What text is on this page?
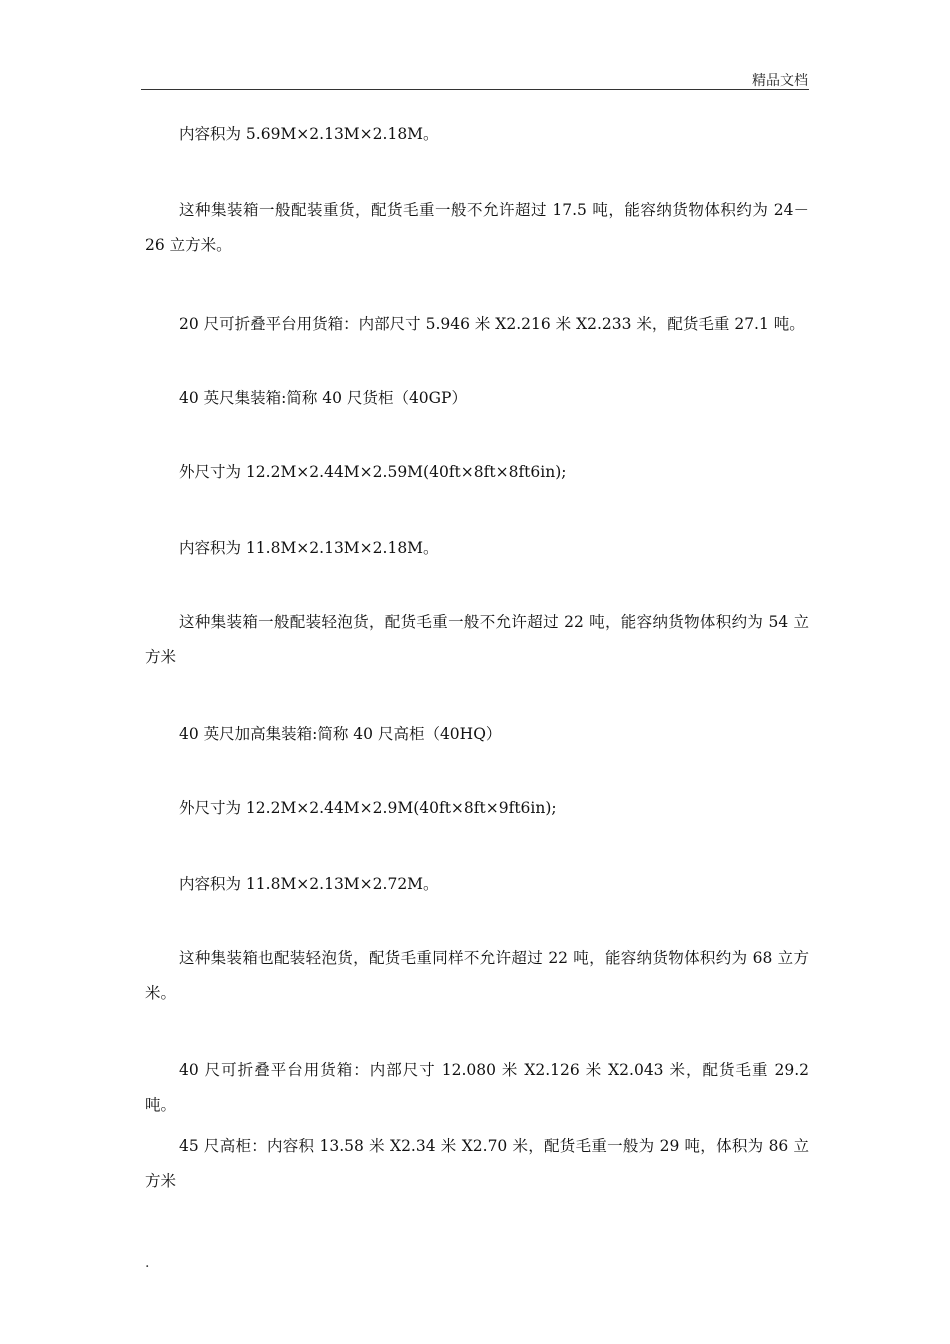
精品文档

内容积为 5.69M×2.13M×2.18M。

这种集装箱一般配装重货，配货毛重一般不允许超过 17.5 吨，能容纳货物体积约为 24－26 立方米。

20 尺可折叠平台用货箱：内部尺寸 5.946 米 X2.216 米 X2.233 米，配货毛重 27.1 吨。

40 英尺集装箱:简称 40 尺货柜（40GP）

外尺寸为 12.2M×2.44M×2.59M(40ft×8ft×8ft6in);

内容积为 11.8M×2.13M×2.18M。

这种集装箱一般配装轻泡货，配货毛重一般不允许超过 22 吨，能容纳货物体积约为 54 立方米

40 英尺加高集装箱:简称 40 尺高柜（40HQ）

外尺寸为 12.2M×2.44M×2.9M(40ft×8ft×9ft6in);

内容积为 11.8M×2.13M×2.72M。

这种集装箱也配装轻泡货，配货毛重同样不允许超过 22 吨，能容纳货物体积约为 68 立方米。

40 尺可折叠平台用货箱：内部尺寸 12.080 米 X2.126 米 X2.043 米，配货毛重 29.2 吨。

45 尺高柜：内容积 13.58 米 X2.34 米 X2.70 米，配货毛重一般为 29 吨，体积为 86 立方米

.
